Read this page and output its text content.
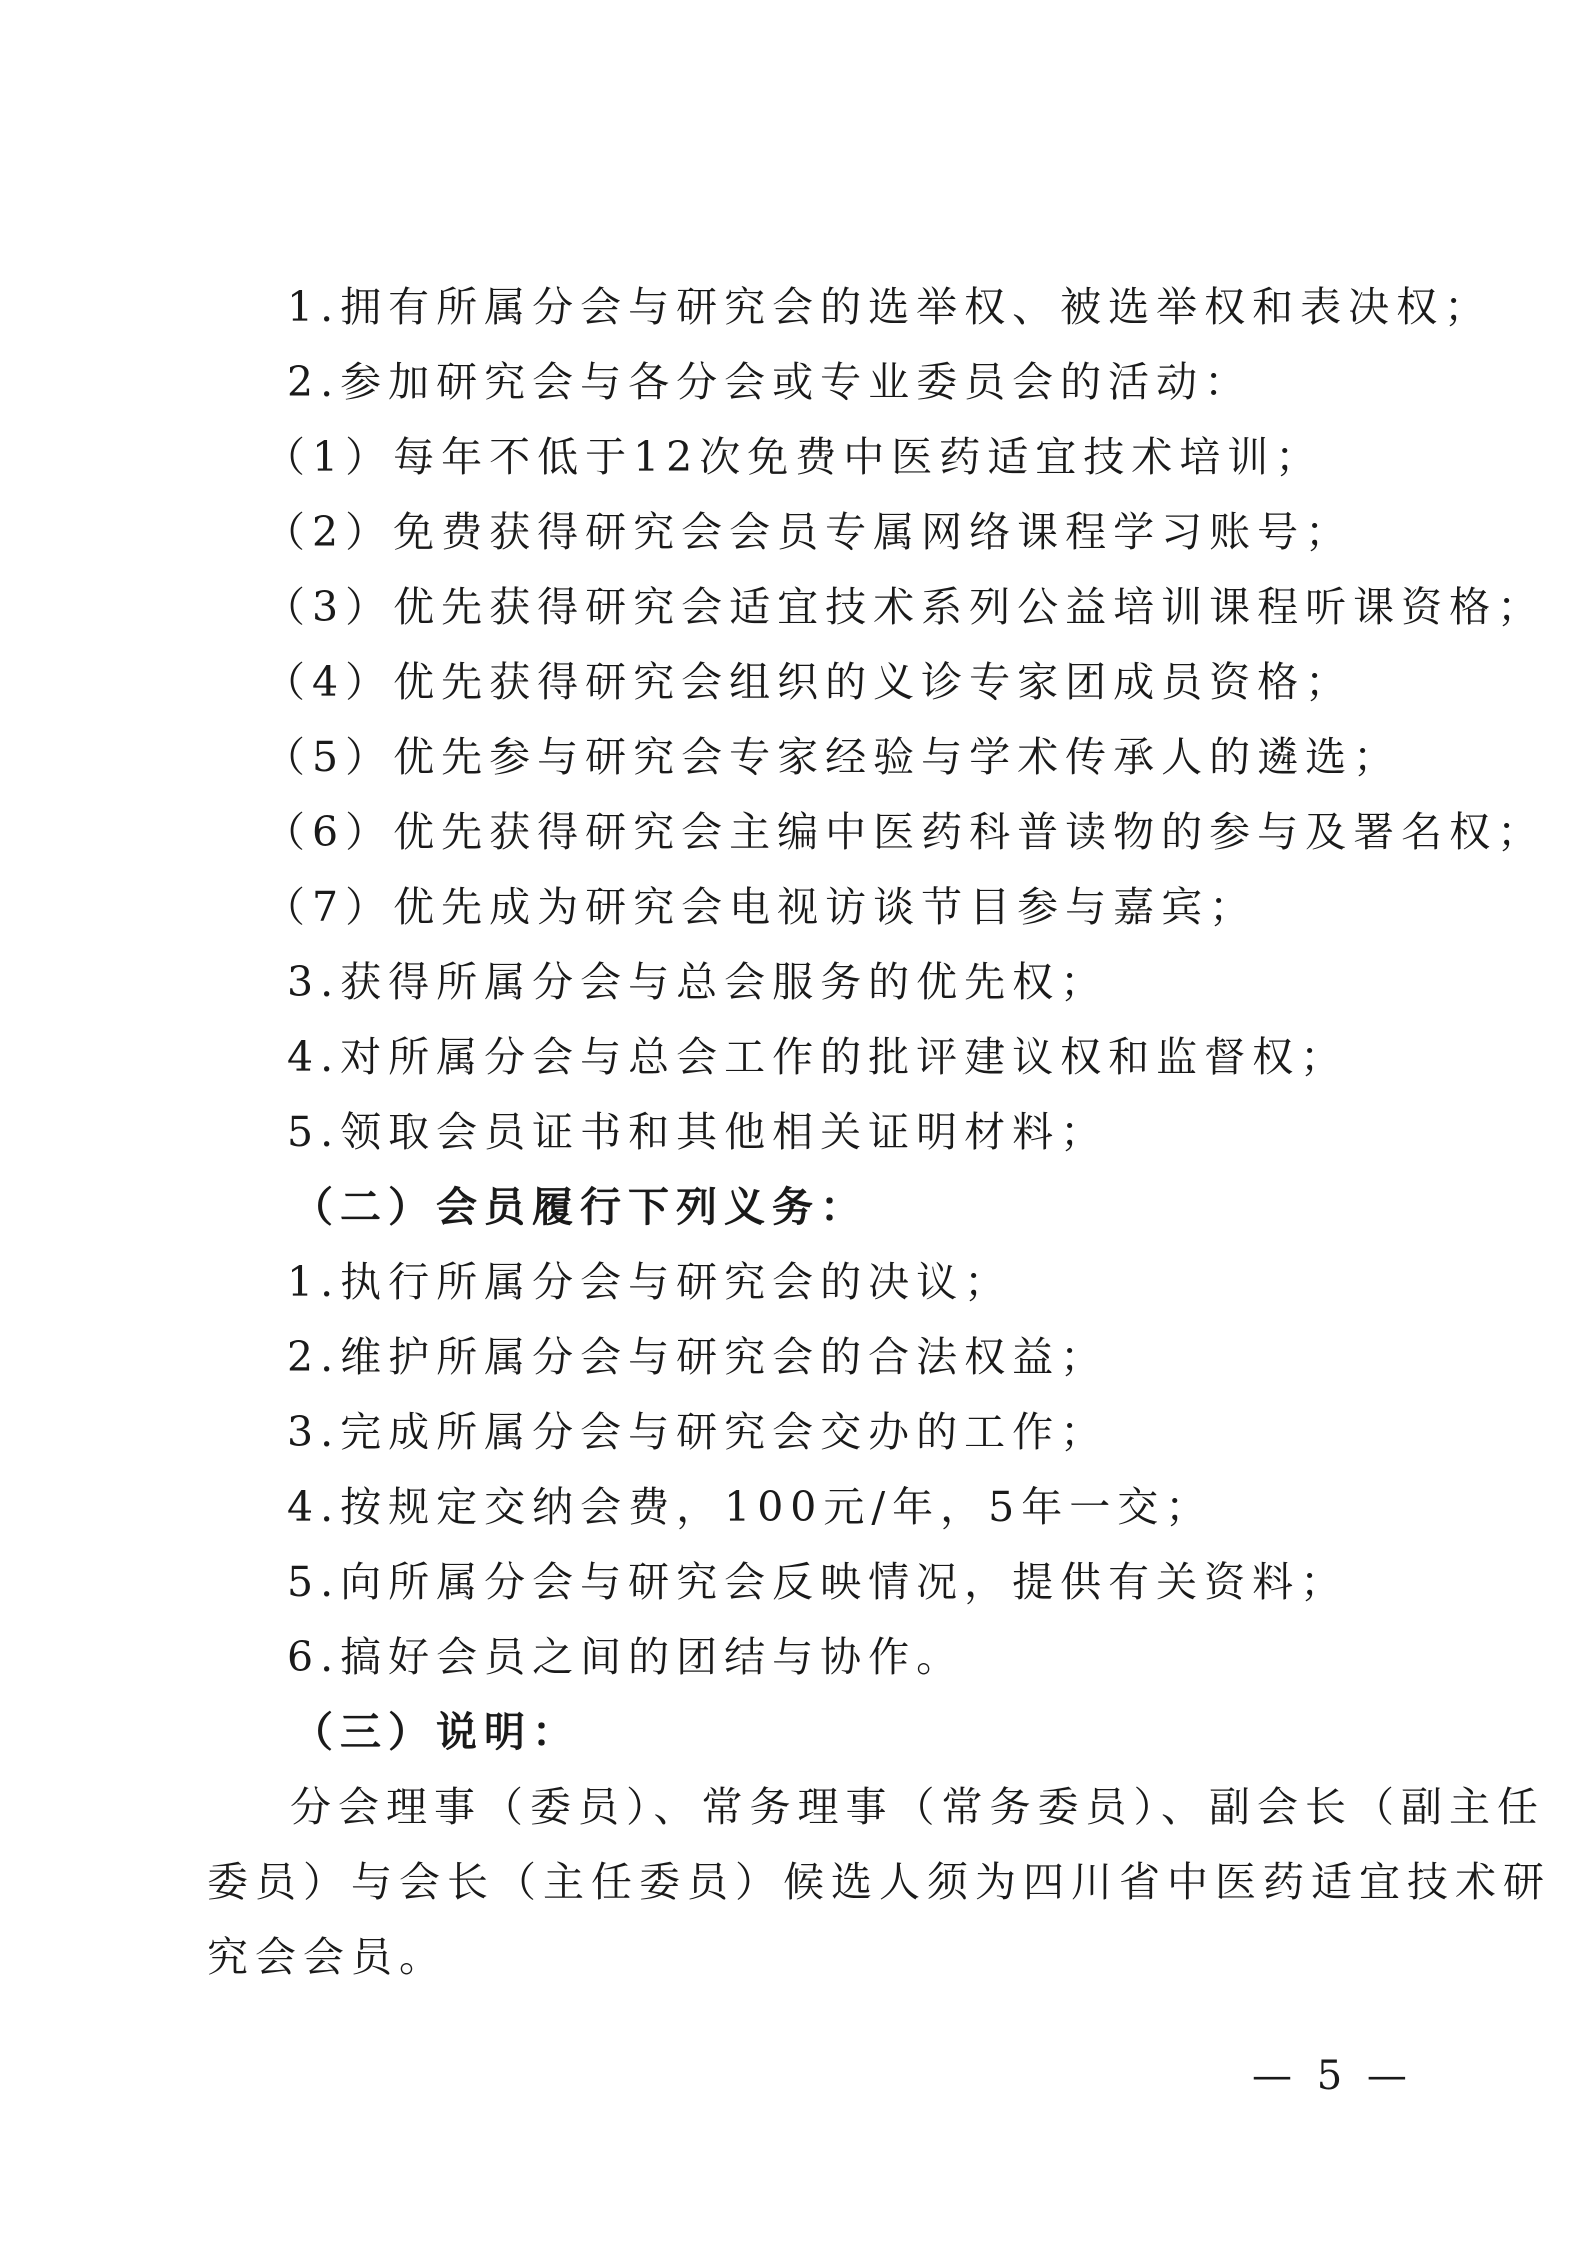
1.拥有所属分会与研究会的选举权、被选举权和表决权；
2.参加研究会与各分会或专业委员会的活动：
（1）每年不低于12次免费中医药适宜技术培训；
（2）免费获得研究会会员专属网络课程学习账号；
（3）优先获得研究会适宜技术系列公益培训课程听课资格；
（4）优先获得研究会组织的义诊专家团成员资格；
（5）优先参与研究会专家经验与学术传承人的遴选；
（6）优先获得研究会主编中医药科普读物的参与及署名权；
（7）优先成为研究会电视访谈节目参与嘉宾；
3.获得所属分会与总会服务的优先权；
4.对所属分会与总会工作的批评建议权和监督权；
5.领取会员证书和其他相关证明材料；
（二）会员履行下列义务：
1.执行所属分会与研究会的决议；
2.维护所属分会与研究会的合法权益；
3.完成所属分会与研究会交办的工作；
4.按规定交纳会费，100元/年，5年一交；
5.向所属分会与研究会反映情况，提供有关资料；
6.搞好会员之间的团结与协作。
（三）说明：
分会理事（委员）、常务理事（常务委员）、副会长（副主任
委员）与会长（主任委员）候选人须为四川省中医药适宜技术研
究会会员。
— 5 —
